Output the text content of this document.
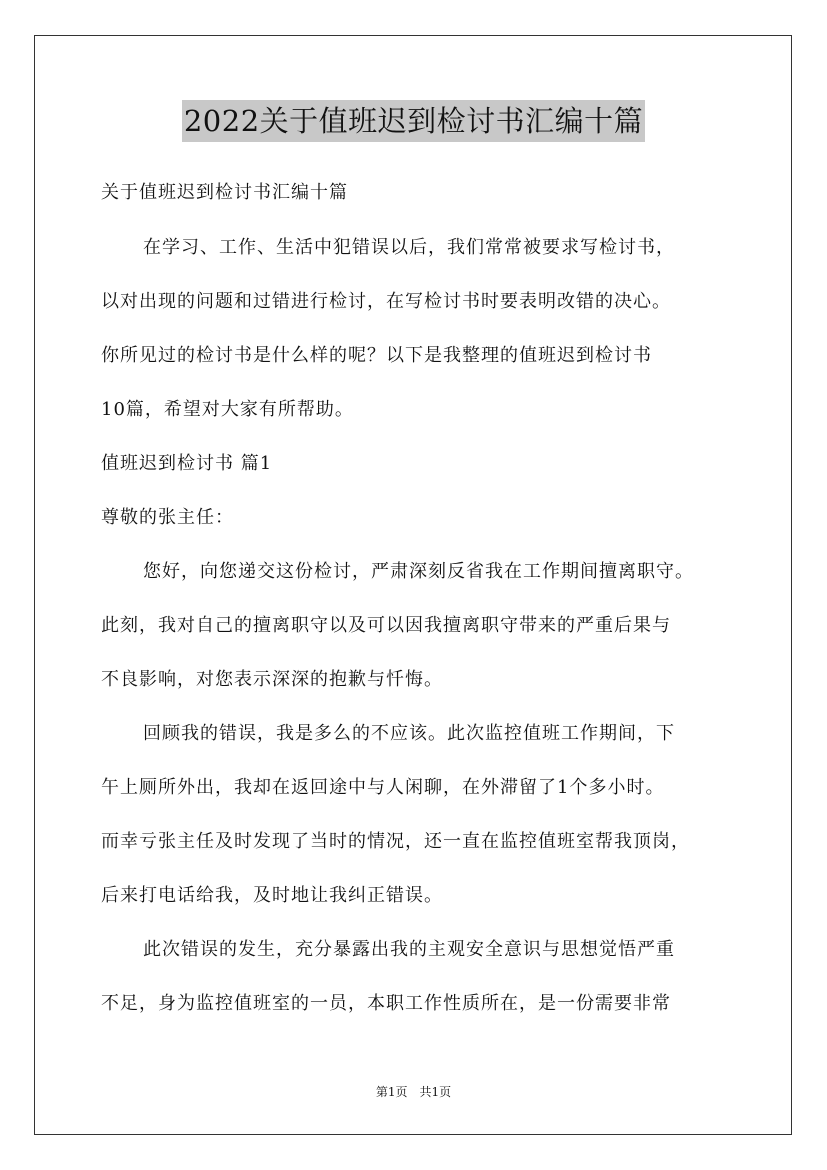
2022关于值班迟到检讨书汇编十篇
关于值班迟到检讨书汇编十篇
在学习、工作、生活中犯错误以后，我们常常被要求写检讨书，
以对出现的问题和过错进行检讨，在写检讨书时要表明改错的决心。
你所见过的检讨书是什么样的呢？以下是我整理的值班迟到检讨书
10篇，希望对大家有所帮助。
值班迟到检讨书 篇1
尊敬的张主任：
您好，向您递交这份检讨，严肃深刻反省我在工作期间擅离职守。
此刻，我对自己的擅离职守以及可以因我擅离职守带来的严重后果与
不良影响，对您表示深深的抱歉与忏悔。
回顾我的错误，我是多么的不应该。此次监控值班工作期间，下
午上厕所外出，我却在返回途中与人闲聊，在外滞留了1个多小时。
而幸亏张主任及时发现了当时的情况，还一直在监控值班室帮我顶岗，
后来打电话给我，及时地让我纠正错误。
此次错误的发生，充分暴露出我的主观安全意识与思想觉悟严重
不足，身为监控值班室的一员，本职工作性质所在，是一份需要非常
第1页　共1页
